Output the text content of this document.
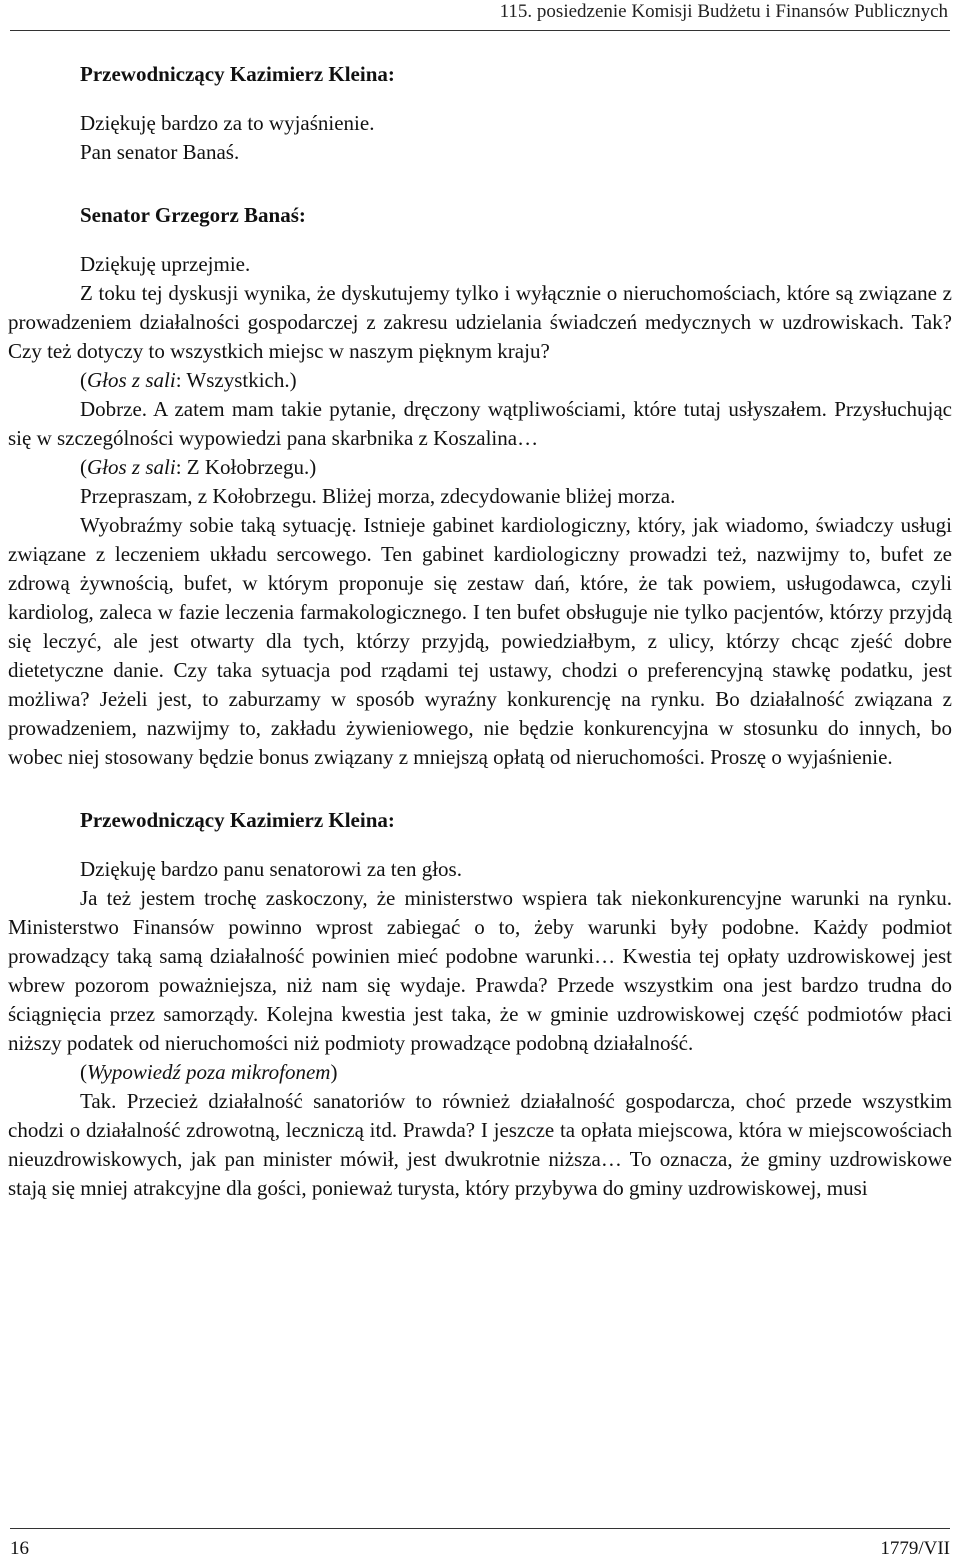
115. posiedzenie Komisji Budżetu i Finansów Publicznych
Przewodniczący Kazimierz Kleina:

Dziękuję bardzo za to wyjaśnienie.

Pan senator Banaś.

Senator Grzegorz Banaś:

Dziękuję uprzejmie.

Z toku tej dyskusji wynika, że dyskutujemy tylko i wyłącznie o nieruchomościach, które są związane z prowadzeniem działalności gospodarczej z zakresu udzielania świadczeń medycznych w uzdrowiskach. Tak? Czy też dotyczy to wszystkich miejsc w naszym pięknym kraju?

(Głos z sali: Wszystkich.)

Dobrze. A zatem mam takie pytanie, dręczony wątpliwościami, które tutaj usłyszałem. Przysłuchując się w szczególności wypowiedzi pana skarbnika z Koszalina…

(Głos z sali: Z Kołobrzegu.)

Przepraszam, z Kołobrzegu. Bliżej morza, zdecydowanie bliżej morza.

Wyobraźmy sobie taką sytuację. Istnieje gabinet kardiologiczny, który, jak wiadomo, świadczy usługi związane z leczeniem układu sercowego. Ten gabinet kardiologiczny prowadzi też, nazwijmy to, bufet ze zdrową żywnością, bufet, w którym proponuje się zestaw dań, które, że tak powiem, usługodawca, czyli kardiolog, zaleca w fazie leczenia farmakologicznego. I ten bufet obsługuje nie tylko pacjentów, którzy przyjdą się leczyć, ale jest otwarty dla tych, którzy przyjdą, powiedziałbym, z ulicy, którzy chcąc zjeść dobre dietetyczne danie. Czy taka sytuacja pod rządami tej ustawy, chodzi o preferencyjną stawkę podatku, jest możliwa? Jeżeli jest, to zaburzamy w sposób wyraźny konkurencję na rynku. Bo działalność związana z prowadzeniem, nazwijmy to, zakładu żywieniowego, nie będzie konkurencyjna w stosunku do innych, bo wobec niej stosowany będzie bonus związany z mniejszą opłatą od nieruchomości. Proszę o wyjaśnienie.

Przewodniczący Kazimierz Kleina:

Dziękuję bardzo panu senatorowi za ten głos.

Ja też jestem trochę zaskoczony, że ministerstwo wspiera tak niekonkurencyjne warunki na rynku. Ministerstwo Finansów powinno wprost zabiegać o to, żeby warunki były podobne. Każdy podmiot prowadzący taką samą działalność powinien mieć podobne warunki… Kwestia tej opłaty uzdrowiskowej jest wbrew pozorom poważniejsza, niż nam się wydaje. Prawda? Przede wszystkim ona jest bardzo trudna do ściągnięcia przez samorządy. Kolejna kwestia jest taka, że w gminie uzdrowiskowej część podmiotów płaci niższy podatek od nieruchomości niż podmioty prowadzące podobną działalność.

(Wypowiedź poza mikrofonem)

Tak. Przecież działalność sanatoriów to również działalność gospodarcza, choć przede wszystkim chodzi o działalność zdrowotną, leczniczą itd. Prawda? I jeszcze ta opłata miejscowa, która w miejscowościach nieuzdrowiskowych, jak pan minister mówił, jest dwukrotnie niższa… To oznacza, że gminy uzdrowiskowe stają się mniej atrakcyjne dla gości, ponieważ turysta, który przybywa do gminy uzdrowiskowej, musi

16	1779/VII
